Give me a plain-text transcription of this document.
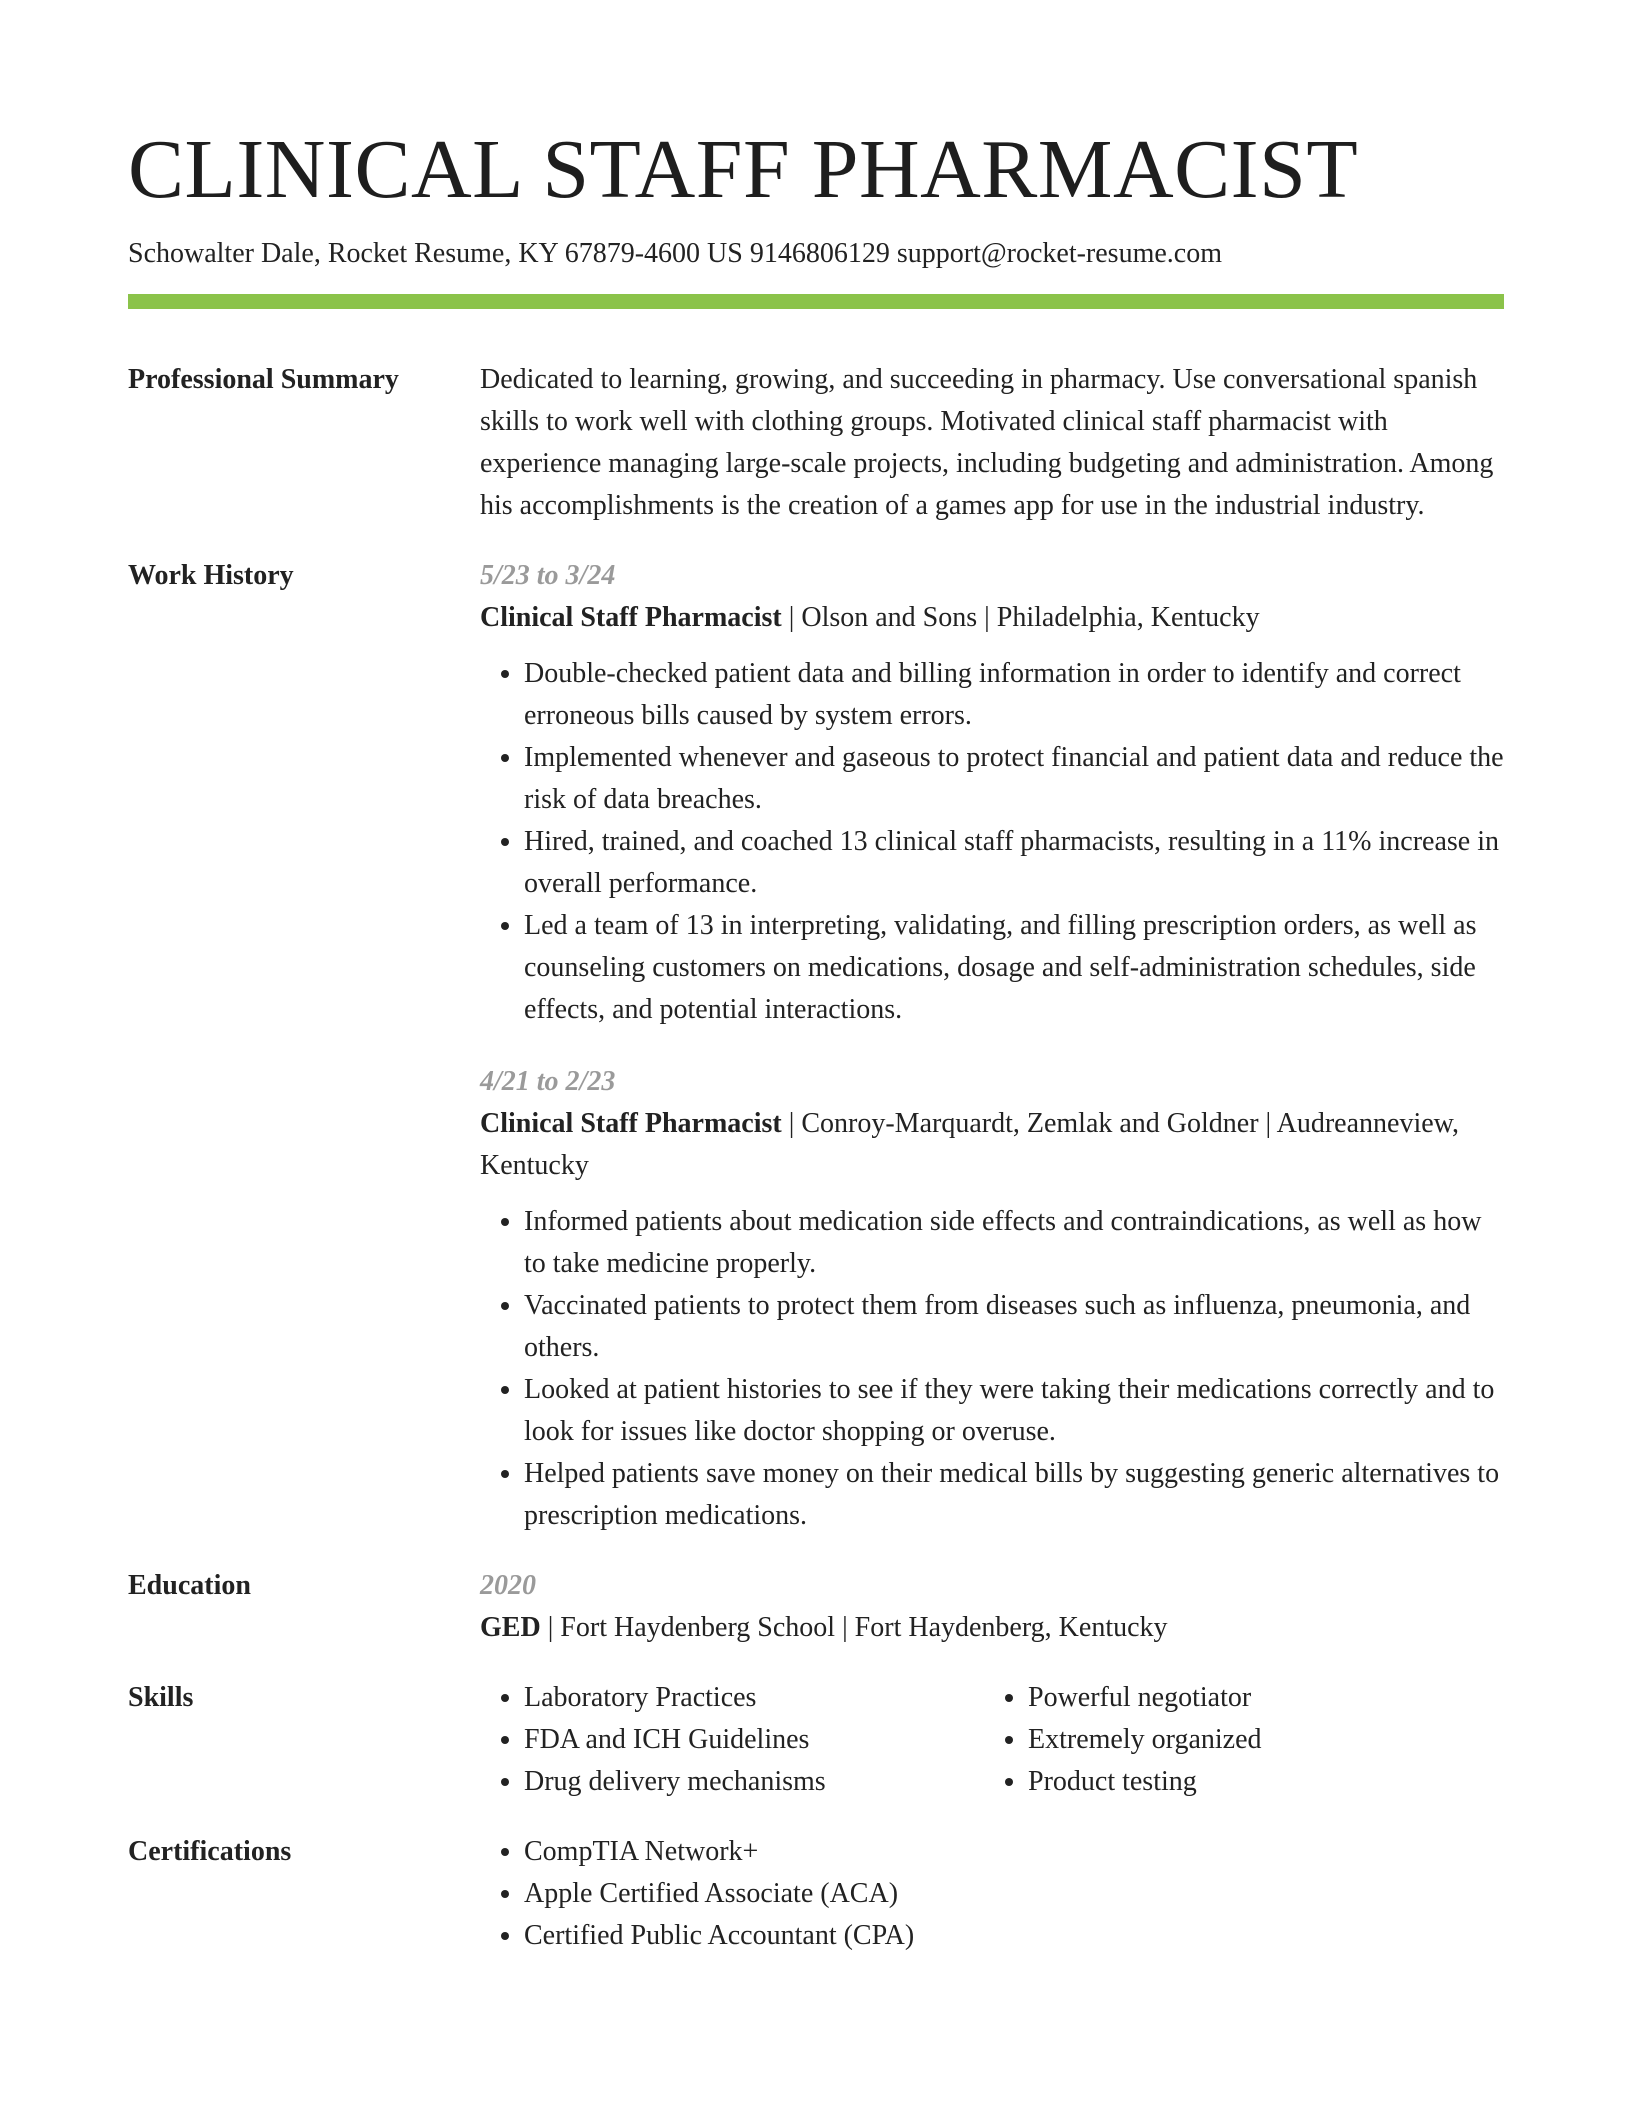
CLINICAL STAFF PHARMACIST
Schowalter Dale, Rocket Resume, KY 67879-4600 US 9146806129 support@rocket-resume.com
Professional Summary	Dedicated to learning, growing, and succeeding in pharmacy. Use conversational spanish skills to work well with clothing groups. Motivated clinical staff pharmacist with experience managing large-scale projects, including budgeting and administration. Among his accomplishments is the creation of a games app for use in the industrial industry.

Work History	5/23 to 3/24
Clinical Staff Pharmacist | Olson and Sons | Philadelphia, Kentucky
• Double-checked patient data and billing information in order to identify and correct erroneous bills caused by system errors.
• Implemented whenever and gaseous to protect financial and patient data and reduce the risk of data breaches.
• Hired, trained, and coached 13 clinical staff pharmacists, resulting in a 11% increase in overall performance.
• Led a team of 13 in interpreting, validating, and filling prescription orders, as well as counseling customers on medications, dosage and self-administration schedules, side effects, and potential interactions.
4/21 to 2/23
Clinical Staff Pharmacist | Conroy-Marquardt, Zemlak and Goldner | Audreanneview, Kentucky
• Informed patients about medication side effects and contraindications, as well as how to take medicine properly.
• Vaccinated patients to protect them from diseases such as influenza, pneumonia, and others.
• Looked at patient histories to see if they were taking their medications correctly and to look for issues like doctor shopping or overuse.
• Helped patients save money on their medical bills by suggesting generic alternatives to prescription medications.
Education	2020
GED | Fort Haydenberg School | Fort Haydenberg, Kentucky
Skills	• Laboratory Practices
• FDA and ICH Guidelines
• Drug delivery mechanisms
• Powerful negotiator
• Extremely organized
• Product testing
Certifications	• CompTIA Network+
• Apple Certified Associate (ACA)
• Certified Public Accountant (CPA)
